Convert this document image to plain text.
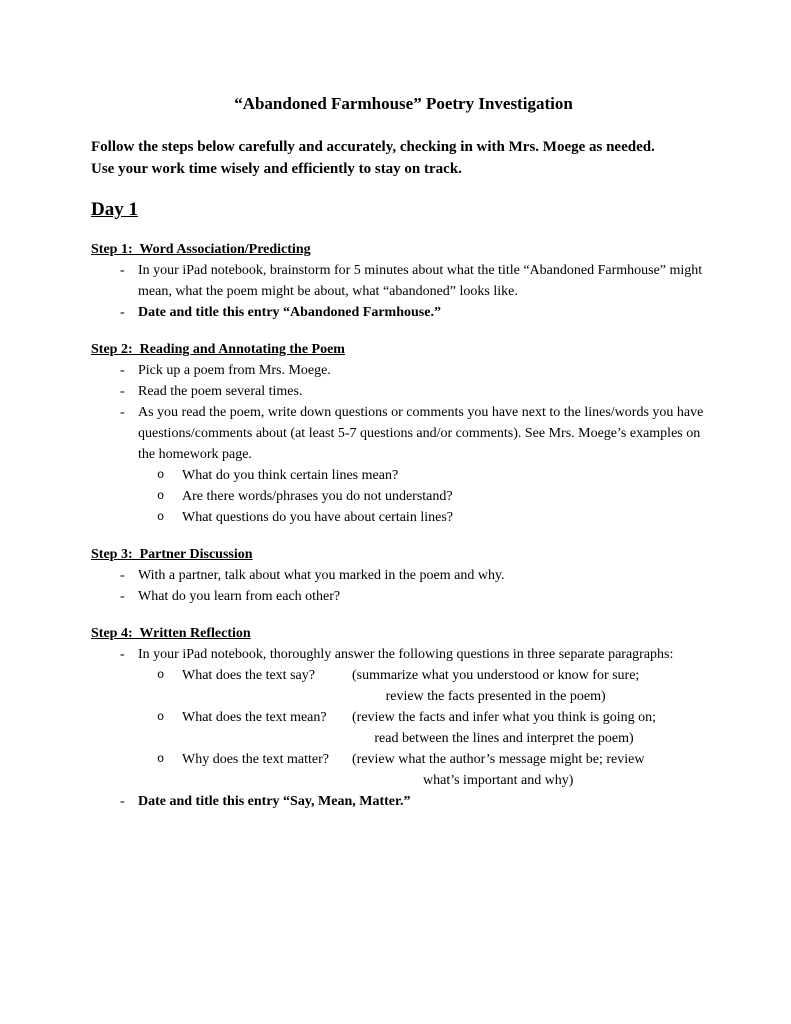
“Abandoned Farmhouse” Poetry Investigation

Follow the steps below carefully and accurately, checking in with Mrs. Moege as needed. Use your work time wisely and efficiently to stay on track.

Day 1
Step 1:  Word Association/Predicting
- In your iPad notebook, brainstorm for 5 minutes about what the title “Abandoned Farmhouse” might mean, what the poem might be about, what “abandoned” looks like.
- Date and title this entry “Abandoned Farmhouse.”
Step 2:  Reading and Annotating the Poem
- Pick up a poem from Mrs. Moege.
- Read the poem several times.
- As you read the poem, write down questions or comments you have next to the lines/words you have questions/comments about (at least 5-7 questions and/or comments). See Mrs. Moege’s examples on the homework page.
o	What do you think certain lines mean?
o	Are there words/phrases you do not understand?
o	What questions do you have about certain lines?
Step 3:  Partner Discussion
- With a partner, talk about what you marked in the poem and why.
- What do you learn from each other?
Step 4:  Written Reflection
- In your iPad notebook, thoroughly answer the following questions in three separate paragraphs:
o	What does the text say?	(summarize what you understood or know for sure;
review the facts presented in the poem)
o	What does the text mean?	(review the facts and infer what you think is going on;
read between the lines and interpret the poem)
o	Why does the text matter?	(review what the author’s message might be; review
what’s important and why)
- Date and title this entry “Say, Mean, Matter.”
